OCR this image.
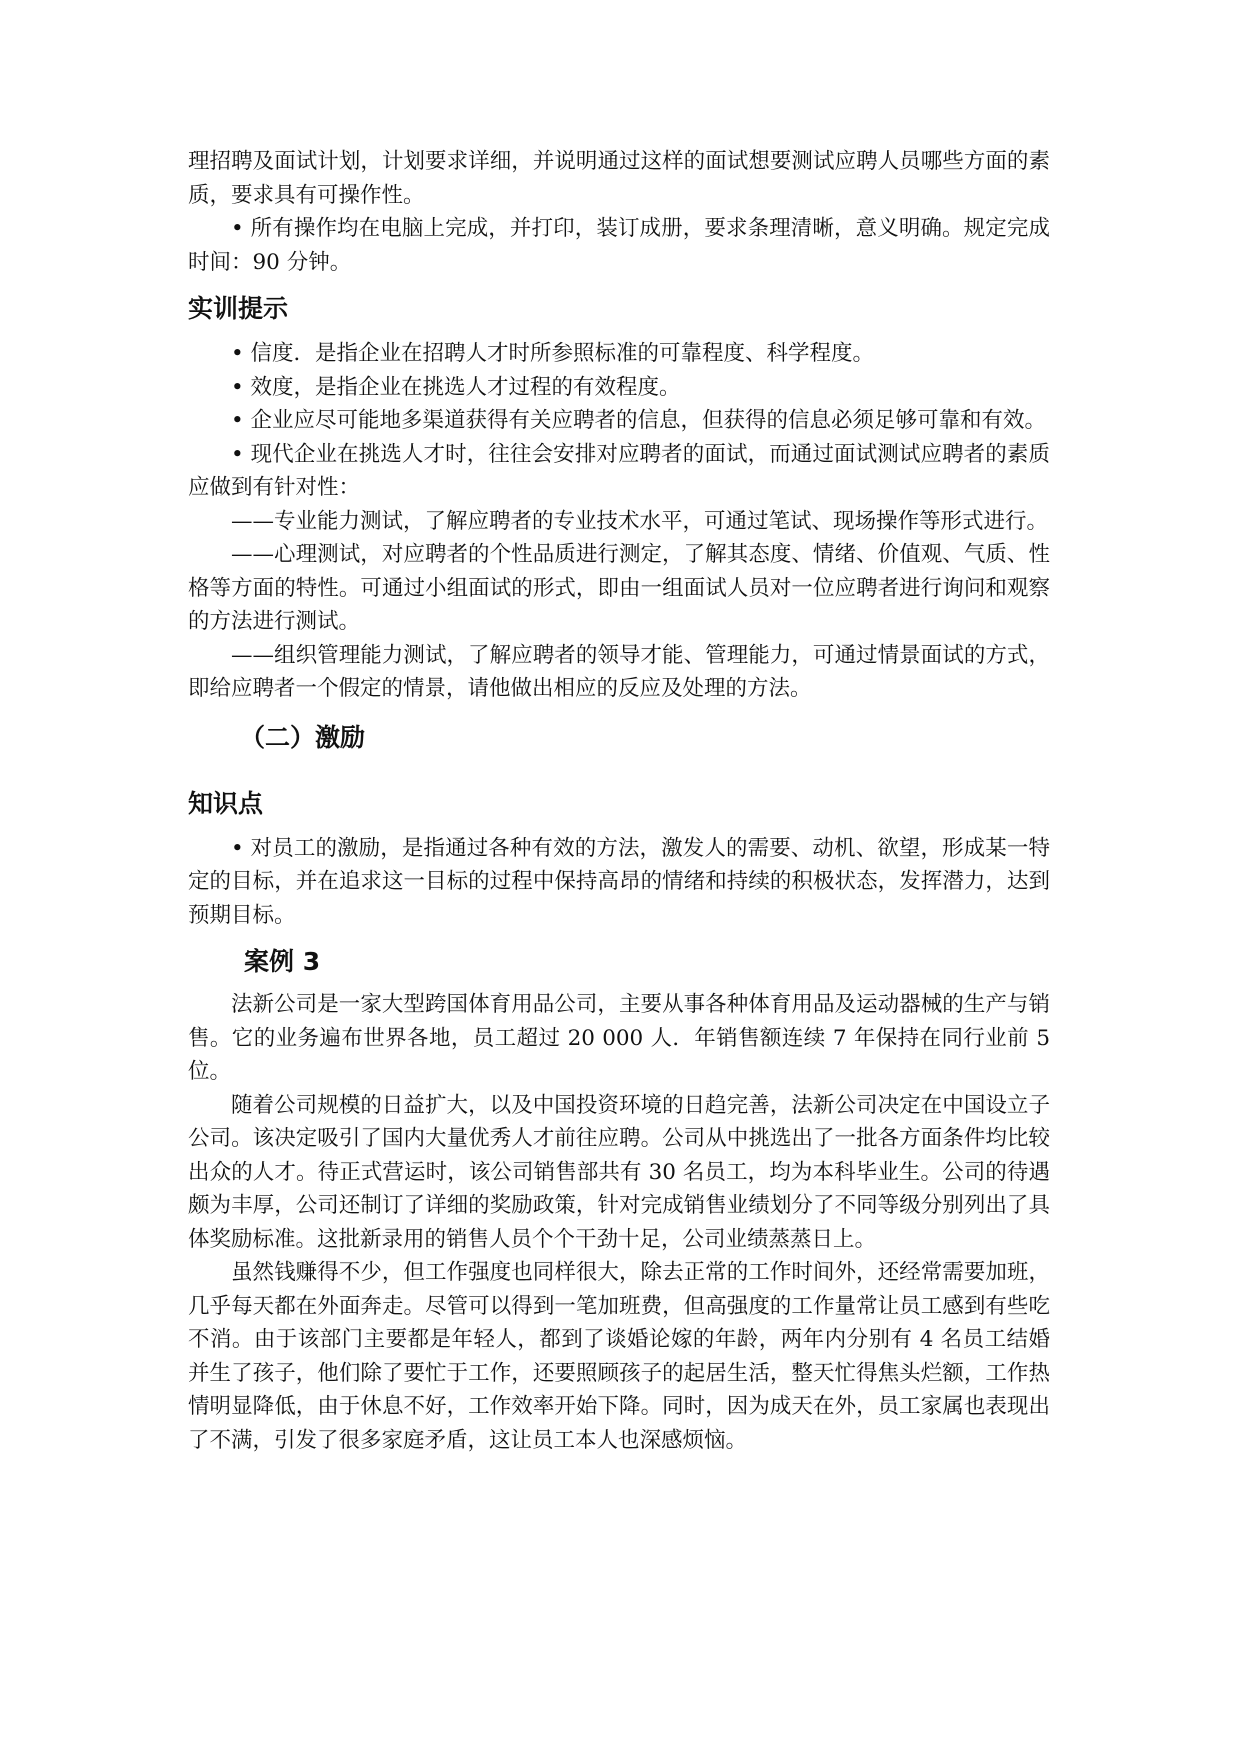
理招聘及面试计划，计划要求详细，并说明通过这样的面试想要测试应聘人员哪些方面的素质，要求具有可操作性。

• 所有操作均在电脑上完成，并打印，装订成册，要求条理清晰，意义明确。规定完成时间：90 分钟。

实训提示

• 信度．是指企业在招聘人才时所参照标准的可靠程度、科学程度。

• 效度，是指企业在挑选人才过程的有效程度。

• 企业应尽可能地多渠道获得有关应聘者的信息，但获得的信息必须足够可靠和有效。

• 现代企业在挑选人才时，往往会安排对应聘者的面试，而通过面试测试应聘者的素质应做到有针对性：

——专业能力测试，了解应聘者的专业技术水平，可通过笔试、现场操作等形式进行。

——心理测试，对应聘者的个性品质进行测定，了解其态度、情绪、价值观、气质、性格等方面的特性。可通过小组面试的形式，即由一组面试人员对一位应聘者进行询问和观察的方法进行测试。

——组织管理能力测试，了解应聘者的领导才能、管理能力，可通过情景面试的方式，即给应聘者一个假定的情景，请他做出相应的反应及处理的方法。

（二）激励
知识点

• 对员工的激励，是指通过各种有效的方法，激发人的需要、动机、欲望，形成某一特定的目标，并在追求这一目标的过程中保持高昂的情绪和持续的积极状态，发挥潜力，达到预期目标。

案例 3

法新公司是一家大型跨国体育用品公司，主要从事各种体育用品及运动器械的生产与销售。它的业务遍布世界各地，员工超过 20 000 人．年销售额连续 7 年保持在同行业前 5 位。

随着公司规模的日益扩大，以及中国投资环境的日趋完善，法新公司决定在中国设立子公司。该决定吸引了国内大量优秀人才前往应聘。公司从中挑选出了一批各方面条件均比较出众的人才。待正式营运时，该公司销售部共有 30 名员工，均为本科毕业生。公司的待遇颇为丰厚，公司还制订了详细的奖励政策，针对完成销售业绩划分了不同等级分别列出了具体奖励标准。这批新录用的销售人员个个干劲十足，公司业绩蒸蒸日上。

虽然钱赚得不少，但工作强度也同样很大，除去正常的工作时间外，还经常需要加班，几乎每天都在外面奔走。尽管可以得到一笔加班费，但高强度的工作量常让员工感到有些吃不消。由于该部门主要都是年轻人，都到了谈婚论嫁的年龄，两年内分别有 4 名员工结婚并生了孩子，他们除了要忙于工作，还要照顾孩子的起居生活，整天忙得焦头烂额，工作热情明显降低，由于休息不好，工作效率开始下降。同时，因为成天在外，员工家属也表现出了不满，引发了很多家庭矛盾，这让员工本人也深感烦恼。
